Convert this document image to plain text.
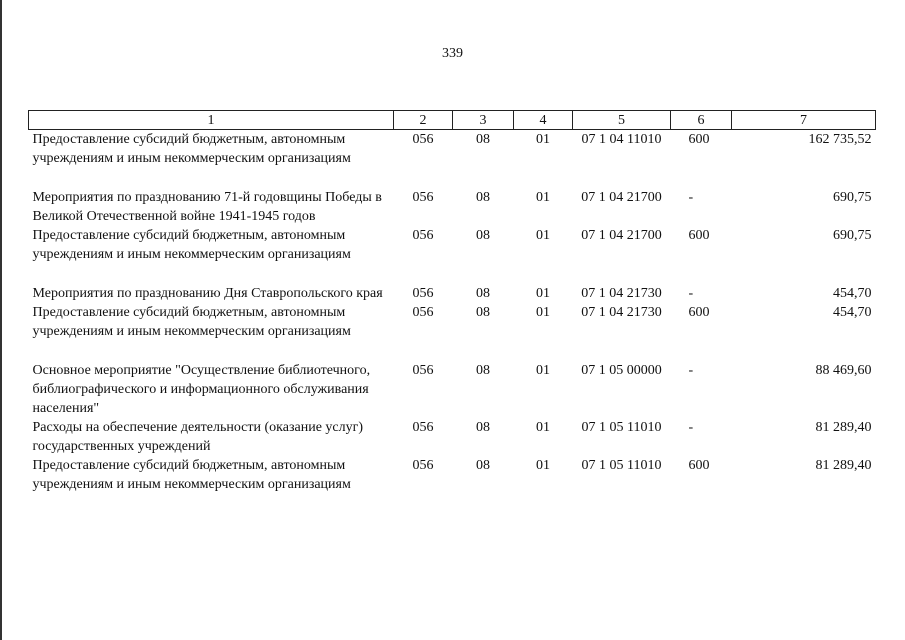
339
1	2	3	4	5	6	7
Предоставление субсидий бюджетным, автономным учреждениям и иным некоммерческим организациям	056	08	01	07 1 04 11010	600	162 735,52

Мероприятия по празднованию 71-й годовщины Победы в Великой Отечественной войне 1941-1945 годов	056	08	01	07 1 04 21700	-	690,75
Предоставление субсидий бюджетным, автономным учреждениям и иным некоммерческим организациям	056	08	01	07 1 04 21700	600	690,75

Мероприятия по празднованию Дня Ставропольского края	056	08	01	07 1 04 21730	-	454,70
Предоставление субсидий бюджетным, автономным учреждениям и иным некоммерческим организациям	056	08	01	07 1 04 21730	600	454,70

Основное мероприятие "Осуществление библиотечного, библиографического и информационного обслуживания населения"	056	08	01	07 1 05 00000	-	88 469,60
Расходы на обеспечение деятельности (оказание услуг) государственных учреждений	056	08	01	07 1 05 11010	-	81 289,40
Предоставление субсидий бюджетным, автономным учреждениям и иным некоммерческим организациям	056	08	01	07 1 05 11010	600	81 289,40
